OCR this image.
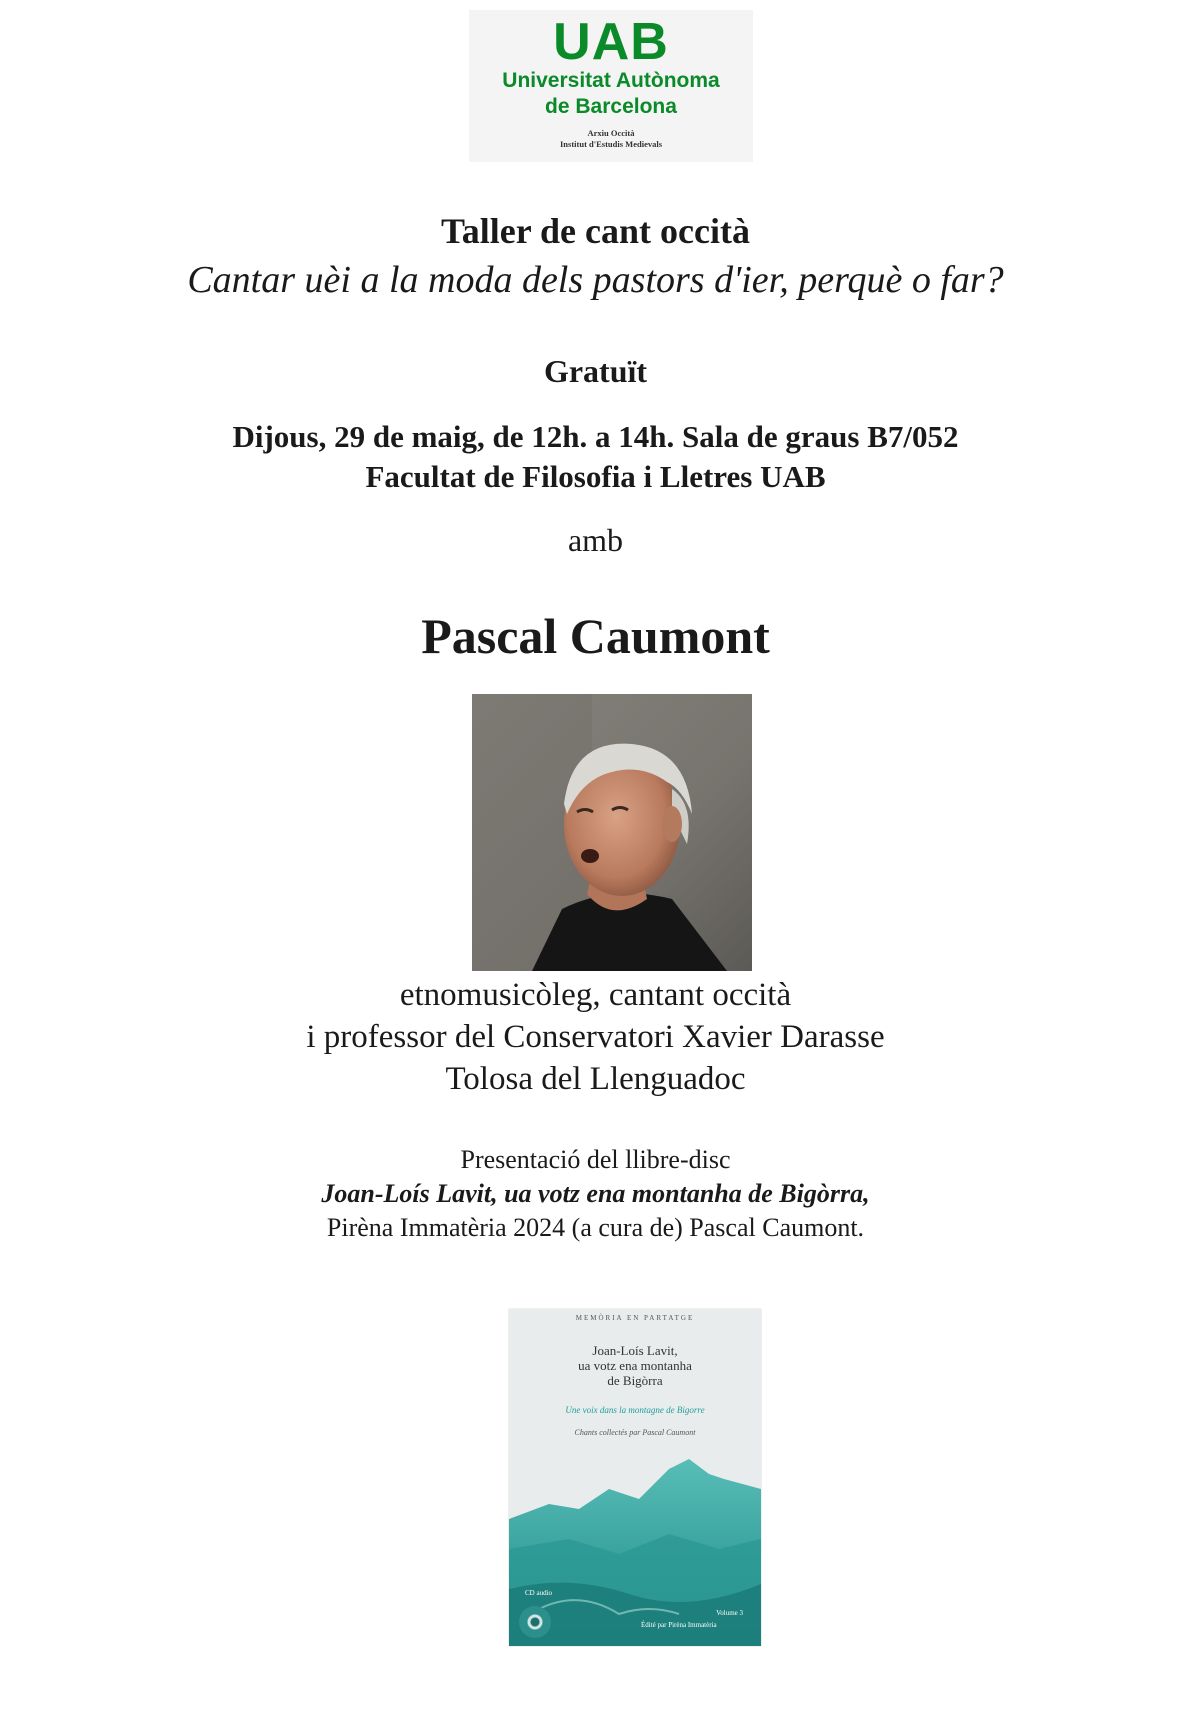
UAB
Universitat Autònoma
de Barcelona
Arxiu Occità
Institut d'Estudis Medievals
Taller de cant occità
Cantar uèi a la moda dels pastors d'ier, perquè o far?
Gratuït
Dijous, 29 de maig, de 12h. a 14h. Sala de graus B7/052
Facultat de Filosofia i Lletres UAB
amb
Pascal Caumont
etnomusicòleg, cantant occità
i professor del Conservatori Xavier Darasse
Tolosa del Llenguadoc
Presentació del llibre-disc
Joan-Loís Lavit, ua votz ena montanha de Bigòrra,
Pirèna Immatèria 2024 (a cura de) Pascal Caumont.
MEMÒRIA EN PARTATGE
Joan-Loís Lavit,
ua votz ena montanha
de Bigòrra
Une voix dans la montagne de Bigorre
Chants collectés par Pascal Caumont
CD audio
Volume 3
Édité par Pirèna Immatèria
